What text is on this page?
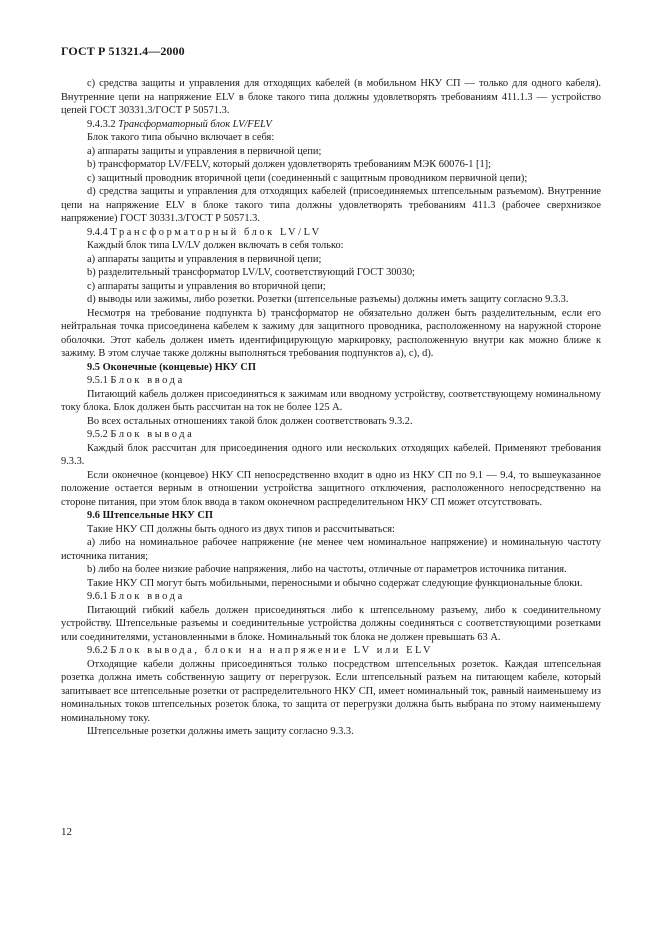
ГОСТ Р 51321.4—2000

c) средства защиты и управления для отходящих кабелей (в мобильном НКУ СП — только для одного кабеля). Внутренние цепи на напряжение ELV в блоке такого типа должны удовлетворять требованиям 411.1.3 — устройство цепей ГОСТ 30331.3/ГОСТ Р 50571.3.

9.4.3.2 Трансформаторный блок LV/FELV

Блок такого типа обычно включает в себя:

a) аппараты защиты и управления в первичной цепи;

b) трансформатор LV/FELV, который должен удовлетворять требованиям МЭК 60076-1 [1];

c) защитный проводник вторичной цепи (соединенный с защитным проводником первичной цепи);

d) средства защиты и управления для отходящих кабелей (присоединяемых штепсельным разъемом). Внутренние цепи на напряжение ELV в блоке такого типа должны удовлетворять требованиям 411.3 (рабочее сверхнизкое напряжение) ГОСТ 30331.3/ГОСТ Р 50571.3.

9.4.4 Трансформаторный блок LV/LV

Каждый блок типа LV/LV должен включать в себя только:

a) аппараты защиты и управления в первичной цепи;

b) разделительный трансформатор LV/LV, соответствующий ГОСТ 30030;

c) аппараты защиты и управления во вторичной цепи;

d) выводы или зажимы, либо розетки. Розетки (штепсельные разъемы) должны иметь защиту согласно 9.3.3.

Несмотря на требование подпункта b) трансформатор не обязательно должен быть разделительным, если его нейтральная точка присоединена кабелем к зажиму для защитного проводника, расположенному на наружной стороне оболочки. Этот кабель должен иметь идентифицирующую маркировку, расположенную внутри как можно ближе к зажиму. В этом случае также должны выполняться требования подпунктов a), c), d).

9.5 Оконечные (концевые) НКУ СП

9.5.1 Блок ввода

Питающий кабель должен присоединяться к зажимам или вводному устройству, соответствующему номинальному току блока. Блок должен быть рассчитан на ток не более 125 А.

Во всех остальных отношениях такой блок должен соответствовать 9.3.2.

9.5.2 Блок вывода

Каждый блок рассчитан для присоединения одного или нескольких отходящих кабелей. Применяют требования 9.3.3.

Если оконечное (концевое) НКУ СП непосредственно входит в одно из НКУ СП по 9.1 — 9.4, то вышеуказанное положение остается верным в отношении устройства защитного отключения, расположенного непосредственно на стороне питания, при этом блок ввода в таком оконечном распределительном НКУ СП может отсутствовать.

9.6 Штепсельные НКУ СП

Такие НКУ СП должны быть одного из двух типов и рассчитываться:

a) либо на номинальное рабочее напряжение (не менее чем номинальное напряжение) и номинальную частоту источника питания;

b) либо на более низкие рабочие напряжения, либо на частоты, отличные от параметров источника питания.

Такие НКУ СП могут быть мобильными, переносными и обычно содержат следующие функциональные блоки.

9.6.1 Блок ввода

Питающий гибкий кабель должен присоединяться либо к штепсельному разъему, либо к соединительному устройству. Штепсельные разъемы и соединительные устройства должны соединяться с соответствующими розетками или соединителями, установленными в блоке. Номинальный ток блока не должен превышать 63 А.

9.6.2 Блок вывода, блоки на напряжение LV или ELV

Отходящие кабели должны присоединяться только посредством штепсельных розеток. Каждая штепсельная розетка должна иметь собственную защиту от перегрузок. Если штепсельный разъем на питающем кабеле, который запитывает все штепсельные розетки от распределительного НКУ СП, имеет номинальный ток, равный наименьшему из номинальных токов штепсельных розеток блока, то защита от перегрузки должна быть выбрана по этому наименьшему номинальному току.

Штепсельные розетки должны иметь защиту согласно 9.3.3.

12
